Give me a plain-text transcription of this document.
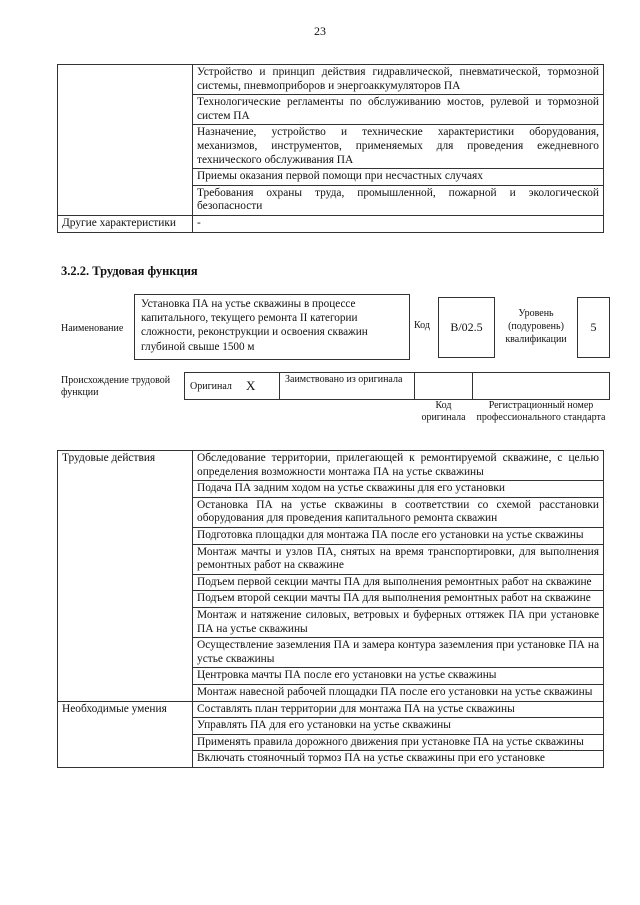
23
	Устройство и принцип действия гидравлической, пневматической, тормозной системы, пневмоприборов и энергоаккумуляторов ПА
	Технологические регламенты по обслуживанию мостов, рулевой и тормозной систем ПА
	Назначение, устройство и технические характеристики оборудования, механизмов, инструментов, применяемых для проведения ежедневного технического обслуживания ПА
	Приемы оказания первой помощи при несчастных случаях
	Требования охраны труда, промышленной, пожарной и экологической безопасности
Другие характеристики	-
3.2.2. Трудовая функция
Наименование
Установка ПА на устье скважины в процессе капитального, текущего ремонта II категории сложности, реконструкции и освоения скважин глубиной свыше 1500 м
Код	B/02.5
Уровень (подуровень) квалификации
5
Происхождение трудовой функции
Оригинал X	Заимствовано из оригинала
Код оригинала
Регистрационный номер профессионального стандарта
Трудовые действия	Обследование территории, прилегающей к ремонтируемой скважине, с целью определения возможности монтажа ПА на устье скважины
	Подача ПА задним ходом на устье скважины для его установки
	Остановка ПА на устье скважины в соответствии со схемой расстановки оборудования для проведения капитального ремонта скважин
	Подготовка площадки для монтажа ПА после его установки на устье скважины
	Монтаж мачты и узлов ПА, снятых на время транспортировки, для выполнения ремонтных работ на скважине
	Подъем первой секции мачты ПА для выполнения ремонтных работ на скважине
	Подъем второй секции мачты ПА для выполнения ремонтных работ на скважине
	Монтаж и натяжение силовых, ветровых и буферных оттяжек ПА при установке ПА на устье скважины
	Осуществление заземления ПА и замера контура заземления при установке ПА на устье скважины
	Центровка мачты ПА после его установки на устье скважины
	Монтаж навесной рабочей площадки ПА после его установки на устье скважины
Необходимые умения	Составлять план территории для монтажа ПА на устье скважины
	Управлять ПА для его установки на устье скважины
	Применять правила дорожного движения при установке ПА на устье скважины
	Включать стояночный тормоз ПА на устье скважины при его установке
